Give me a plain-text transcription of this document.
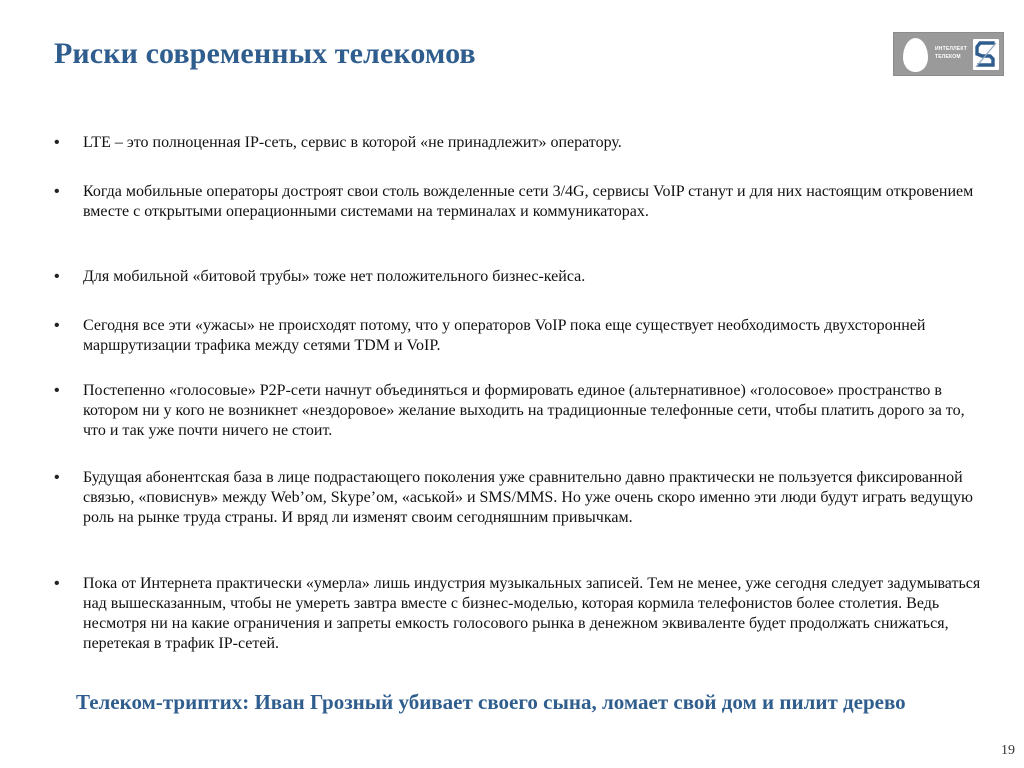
Риски современных телекомов	ИНТЕЛЛЕКТ
ТЕЛЕКОМ
•	LTE – это полноценная IP-сеть, сервис в которой «не принадлежит» оператору.
•	Когда мобильные операторы достроят свои столь вожделенные сети 3/4G, сервисы VoIP станут и для них настоящим откровением вместе с открытыми операционными системами на терминалах и коммуникаторах.
•	Для мобильной «битовой трубы» тоже нет положительного бизнес-кейса.
•	Сегодня все эти «ужасы» не происходят потому, что у операторов VoIP пока еще существует необходимость двухсторонней маршрутизации трафика между сетями TDM и VoIP.
•	Постепенно «голосовые» P2P-сети начнут объединяться и формировать единое (альтернативное) «голосовое» пространство в котором ни у кого не возникнет «нездоровое» желание выходить на традиционные телефонные сети, чтобы платить дорого за то, что и так уже почти ничего не стоит.
•	Будущая абонентская база в лице подрастающего поколения уже сравнительно давно практически не пользуется фиксированной связью, «повиснув» между Web’ом, Skype’ом, «аськой» и SMS/MMS. Но уже очень скоро именно эти люди будут играть ведущую роль на рынке труда страны. И вряд ли изменят своим сегодняшним привычкам.
•	Пока от Интернета практически «умерла» лишь индустрия музыкальных записей. Тем не менее, уже сегодня следует задумываться над вышесказанным, чтобы не умереть завтра вместе с бизнес-моделью, которая кормила телефонистов более столетия. Ведь несмотря ни на какие ограничения и запреты емкость голосового рынка в денежном эквиваленте будет продолжать снижаться, перетекая в трафик IP-сетей.
Телеком-триптих: Иван Грозный убивает своего сына, ломает свой дом и пилит дерево
19
